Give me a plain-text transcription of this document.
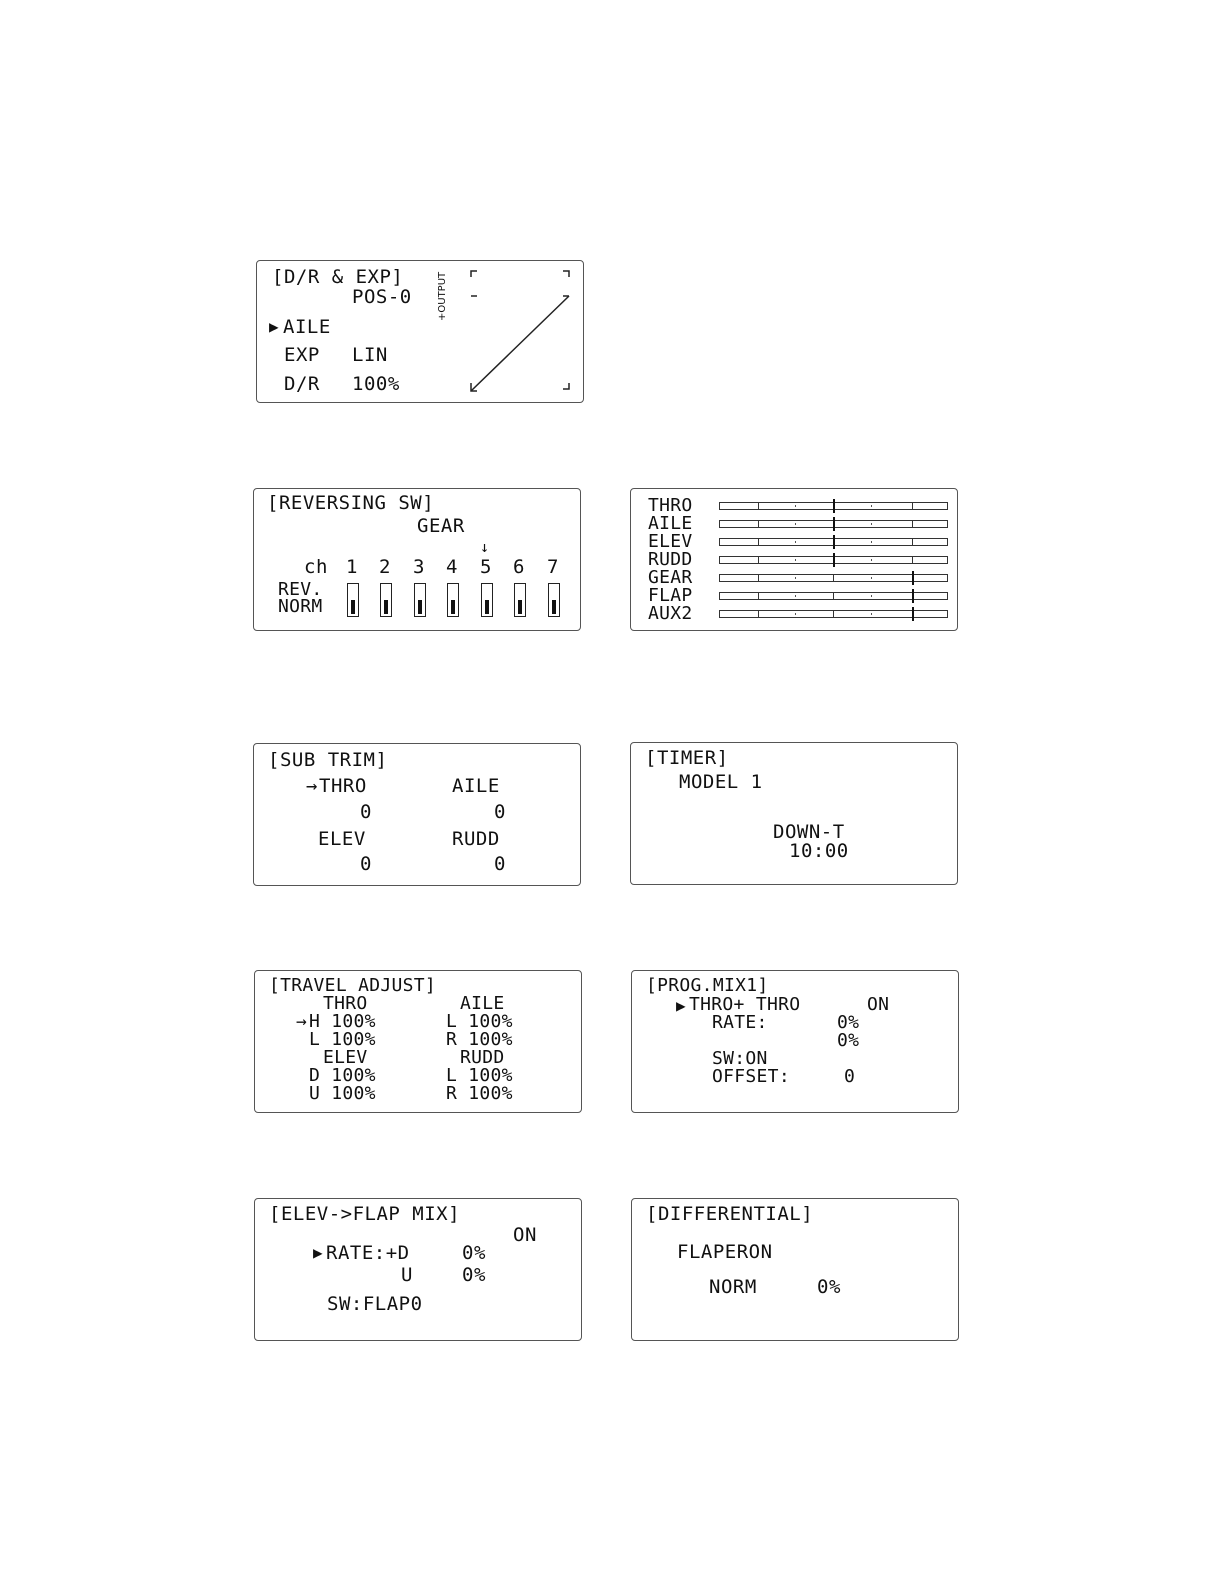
[D/R & EXP]
POS-0
▶ AILE
EXP LIN
D/R 100%
+OUTPUT
[REVERSING SW]
GEAR
↓
ch 1 2 3 4 5 6 7
REV.
NORM
THRO
AILE
ELEV
RUDD
GEAR
FLAP
AUX2
[SUB TRIM]
→ THRO	AILE
0	0
ELEV	RUDD
0	0
[TIMER]
MODEL 1
DOWN-T
10:00
[TRAVEL ADJUST]
THRO	AILE
→ H 100%	L 100%
L 100%	R 100%
ELEV	RUDD
D 100%	L 100%
U 100%	R 100%
[PROG.MIX1]
▶ THRO+ THRO	ON
RATE:	0%
0%
SW:ON
OFFSET:	0
[ELEV->FLAP MIX]
ON
▶ RATE:+D	0%
U	0%
SW:FLAP0
[DIFFERENTIAL]
FLAPERON
NORM	0%
